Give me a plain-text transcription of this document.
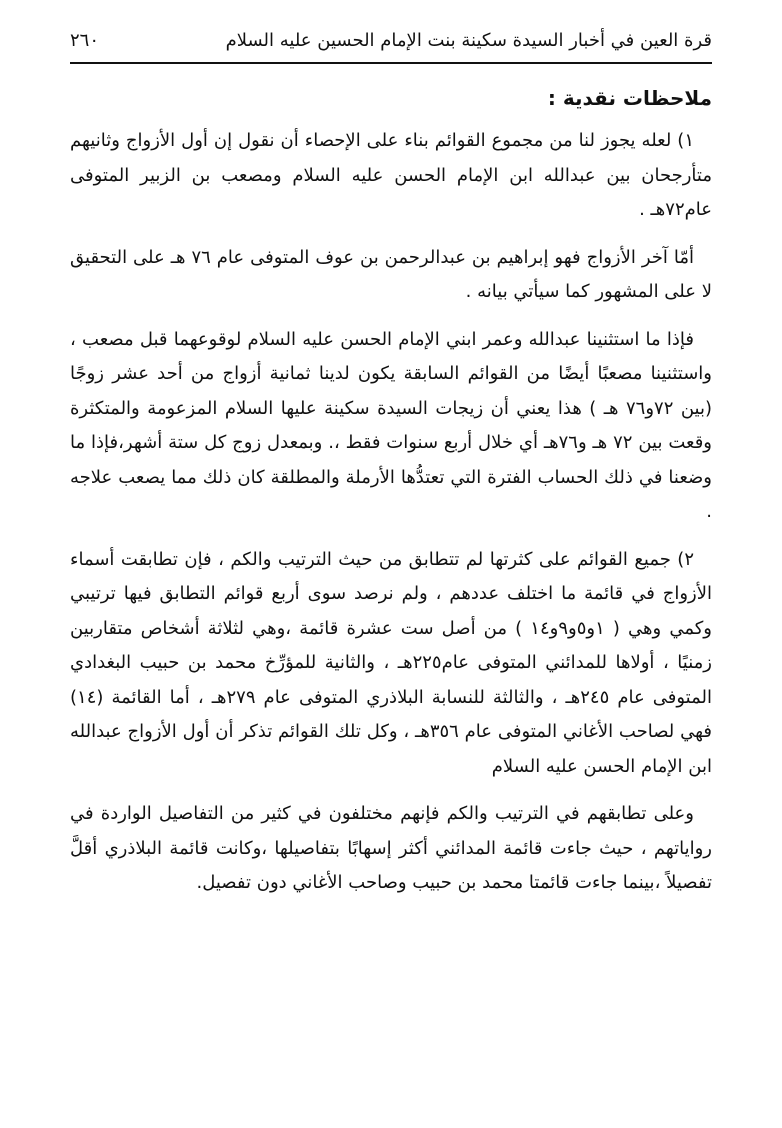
قرة العين في أخبار السيدة سكينة بنت الإمام الحسين عليه السلام
٢٦٠
ملاحظات نقدية :

١) لعله يجوز لنا من مجموع القوائم بناء على الإحصاء أن نقول إن أول الأزواج وثانيهم متأرجحان بين عبدالله ابن الإمام الحسن عليه السلام ومصعب بن الزبير المتوفى عام٧٢هـ .

أمّا آخر الأزواج فهو إبراهيم بن عبدالرحمن بن عوف المتوفى عام ٧٦ هـ على التحقيق لا على المشهور كما سيأتي بيانه .

فإذا ما استثنينا عبدالله وعمر ابني الإمام الحسن عليه السلام لوقوعهما قبل مصعب ، واستثنينا مصعبًا أيضًا من القوائم السابقة يكون لدينا ثمانية أزواج من أحد عشر زوجًا (بين ٧٢و٧٦ هـ ) هذا يعني أن زيجات السيدة سكينة عليها السلام المزعومة والمتكثرة وقعت بين ٧٢ هـ و٧٦هـ أي خلال أربع سنوات فقط ،. وبمعدل زوج كل ستة أشهر،فإذا ما وضعنا في ذلك الحساب الفترة التي تعتدُّها الأرملة والمطلقة كان ذلك مما يصعب علاجه .

٢) جميع القوائم على كثرتها لم تتطابق من حيث الترتيب والكم ، فإن تطابقت أسماء الأزواج في قائمة ما اختلف عددهم ، ولم نرصد سوى أربع قوائم التطابق فيها ترتيبي وكمي وهي ( ١و٥و٩و١٤ ) من أصل ست عشرة قائمة ،وهي لثلاثة أشخاص متقاربين زمنيًا ، أولاها للمدائني المتوفى عام٢٢٥هـ ، والثانية للمؤرِّخ محمد بن حبيب البغدادي المتوفى عام ٢٤٥هـ ، والثالثة للنسابة البلاذري المتوفى عام ٢٧٩هـ ، أما القائمة (١٤) فهي لصاحب الأغاني المتوفى عام ٣٥٦هـ ، وكل تلك القوائم تذكر أن أول الأزواج عبدالله ابن الإمام الحسن عليه السلام

وعلى تطابقهم في الترتيب والكم فإنهم مختلفون في كثير من التفاصيل الواردة في رواياتهم ، حيث جاءت قائمة المدائني أكثر إسهابًا بتفاصيلها ،وكانت قائمة البلاذري أقلَّ تفصيلاً ،بينما جاءت قائمتا محمد بن حبيب وصاحب الأغاني دون تفصيل.
